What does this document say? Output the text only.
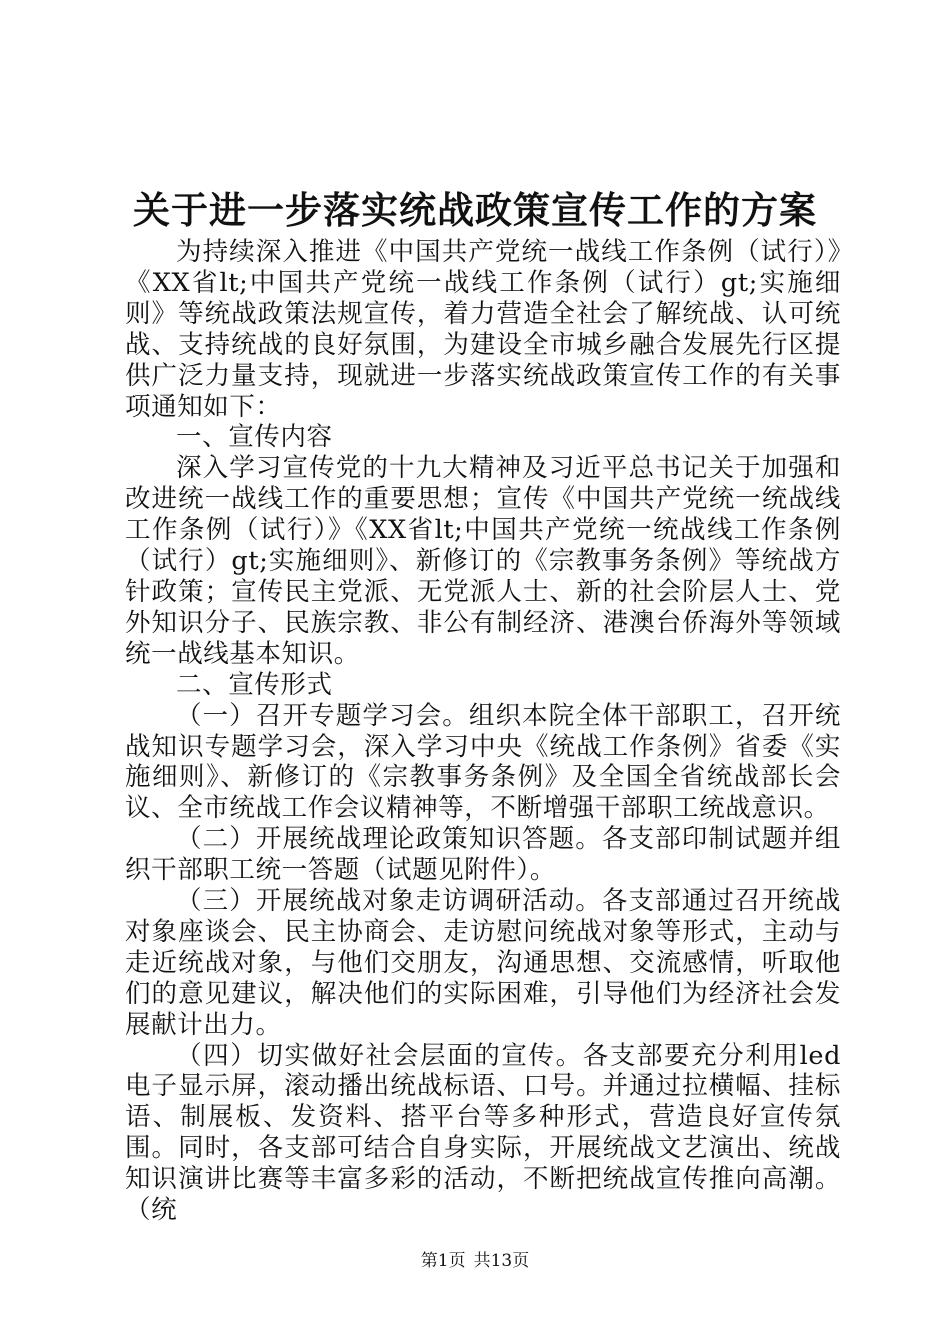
关于进一步落实统战政策宣传工作的方案

为持续深入推进《中国共产党统一战线工作条例（试行）》《XX省lt;中国共产党统一战线工作条例（试行）gt;实施细则》等统战政策法规宣传，着力营造全社会了解统战、认可统战、支持统战的良好氛围，为建设全市城乡融合发展先行区提供广泛力量支持，现就进一步落实统战政策宣传工作的有关事项通知如下：

一、宣传内容

深入学习宣传党的十九大精神及习近平总书记关于加强和改进统一战线工作的重要思想；宣传《中国共产党统一统战线工作条例（试行）》《XX省lt;中国共产党统一统战线工作条例（试行）gt;实施细则》、新修订的《宗教事务条例》等统战方针政策；宣传民主党派、无党派人士、新的社会阶层人士、党外知识分子、民族宗教、非公有制经济、港澳台侨海外等领域统一战线基本知识。

二、宣传形式

（一）召开专题学习会。组织本院全体干部职工，召开统战知识专题学习会，深入学习中央《统战工作条例》省委《实施细则》、新修订的《宗教事务条例》及全国全省统战部长会议、全市统战工作会议精神等，不断增强干部职工统战意识。

（二）开展统战理论政策知识答题。各支部印制试题并组织干部职工统一答题（试题见附件）。

（三）开展统战对象走访调研活动。各支部通过召开统战对象座谈会、民主协商会、走访慰问统战对象等形式，主动与走近统战对象，与他们交朋友，沟通思想、交流感情，听取他们的意见建议，解决他们的实际困难，引导他们为经济社会发展献计出力。

（四）切实做好社会层面的宣传。各支部要充分利用led电子显示屏，滚动播出统战标语、口号。并通过拉横幅、挂标语、制展板、发资料、搭平台等多种形式，营造良好宣传氛围。同时，各支部可结合自身实际，开展统战文艺演出、统战知识演讲比赛等丰富多彩的活动，不断把统战宣传推向高潮。（统

第1页 共13页
